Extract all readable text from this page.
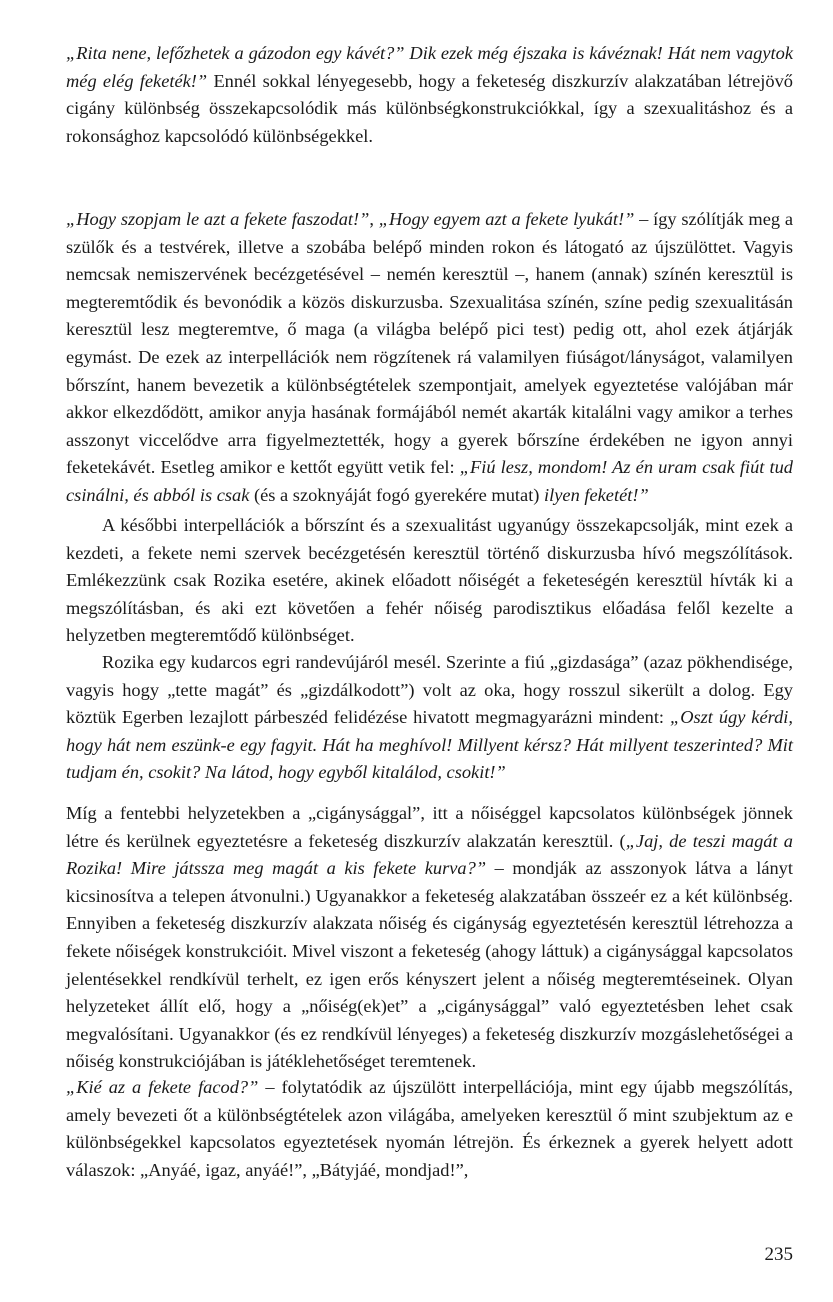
„Rita nene, lefőzhetek a gázodon egy kávét?” Dik ezek még éjszaka is kávéznak! Hát nem vagytok még elég feketék!” Ennél sokkal lényegesebb, hogy a feketeség diszkurzív alakzatában létrejövő cigány különbség összekapcsolódik más különbségkonstrukciókkal, így a szexualitáshoz és a rokonsághoz kapcsolódó különbségekkel.

„Hogy szopjam le azt a fekete faszodat!”, „Hogy egyem azt a fekete lyukát!” – így szólítják meg a szülők és a testvérek, illetve a szobába belépő minden rokon és látogató az újszülöttet. Vagyis nemcsak nemiszervének becézgetésével – nemén keresztül –, hanem (annak) színén keresztül is megteremtődik és bevonódik a közös diskurzusba. Szexualitása színén, színe pedig szexualitásán keresztül lesz megteremtve, ő maga (a világba belépő pici test) pedig ott, ahol ezek átjárják egymást. De ezek az interpellációk nem rögzítenek rá valamilyen fiúságot/lányságot, valamilyen bőrszínt, hanem bevezetik a különbségtételek szempontjait, amelyek egyeztetése valójában már akkor elkezdődött, amikor anyja hasának formájából nemét akarták kitalálni vagy amikor a terhes asszonyt viccelődve arra figyelmeztették, hogy a gyerek bőrszíne érdekében ne igyon annyi feketekávét. Esetleg amikor e kettőt együtt vetik fel: „Fiú lesz, mondom! Az én uram csak fiút tud csinálni, és abból is csak (és a szoknyáját fogó gyerekére mutat) ilyen feketét!”

A későbbi interpellációk a bőrszínt és a szexualitást ugyanúgy összekapcsolják, mint ezek a kezdeti, a fekete nemi szervek becézgetésén keresztül történő diskurzusba hívó megszólítások. Emlékezzünk csak Rozika esetére, akinek előadott nőiségét a feketeségén keresztül hívták ki a megszólításban, és aki ezt követően a fehér nőiség parodisztikus előadása felől kezelte a helyzetben megteremtődő különbséget.

Rozika egy kudarcos egri randevújáról mesél. Szerinte a fiú „gizdasága” (azaz pökhendisége, vagyis hogy „tette magát” és „gizdálkodott”) volt az oka, hogy rosszul sikerült a dolog. Egy köztük Egerben lezajlott párbeszéd felidézése hivatott megmagyarázni mindent: „Oszt úgy kérdi, hogy hát nem eszünk-e egy fagyit. Hát ha meghívol! Millyent kérsz? Hát millyent teszerinted? Mit tudjam én, csokit? Na látod, hogy egyből kitalálod, csokit!”

Míg a fentebbi helyzetekben a „cigánysággal”, itt a nőiséggel kapcsolatos különbségek jönnek létre és kerülnek egyeztetésre a feketeség diszkurzív alakzatán keresztül. („Jaj, de teszi magát a Rozika! Mire játssza meg magát a kis fekete kurva?” – mondják az asszonyok látva a lányt kicsinosítva a telepen átvonulni.) Ugyanakkor a feketeség alakzatában összeér ez a két különbség. Ennyiben a feketeség diszkurzív alakzata nőiség és cigányság egyeztetésén keresztül létrehozza a fekete nőiségek konstrukcióit. Mivel viszont a feketeség (ahogy láttuk) a cigánysággal kapcsolatos jelentésekkel rendkívül terhelt, ez igen erős kényszert jelent a nőiség megteremtéseinek. Olyan helyzeteket állít elő, hogy a „nőiség(ek)et” a „cigánysággal” való egyeztetésben lehet csak megvalósítani. Ugyanakkor (és ez rendkívül lényeges) a feketeség diszkurzív mozgáslehetőségei a nőiség konstrukciójában is játéklehetőséget teremtenek.

„Kié az a fekete facod?” – folytatódik az újszülött interpellációja, mint egy újabb megszólítás, amely bevezeti őt a különbségtételek azon világába, amelyeken keresztül ő mint szubjektum az e különbségekkel kapcsolatos egyeztetések nyomán létrejön. És érkeznek a gyerek helyett adott válaszok: „Anyáé, igaz, anyáé!”, „Bátyjáé, mondjad!”,

235
